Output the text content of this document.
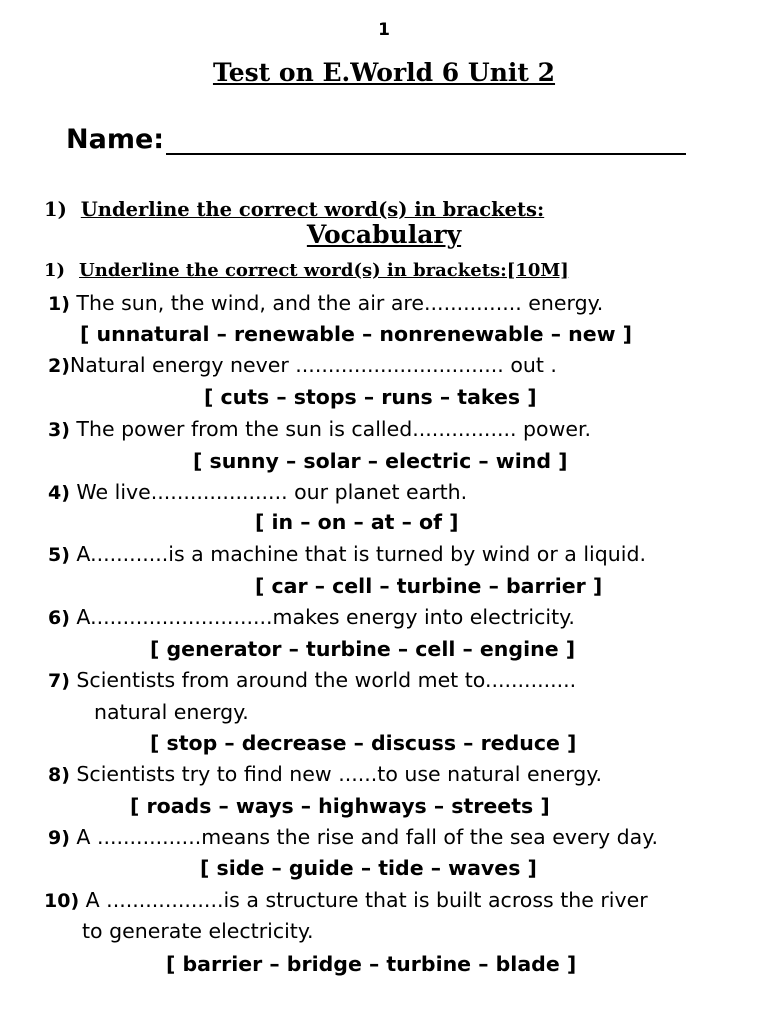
1
Test on E.World 6 Unit 2
Name:
1) Underline the correct word(s) in brackets:
Vocabulary
1) Underline the correct word(s) in brackets:[10M]
1) The sun, the wind, and the air are............... energy.
[ unnatural – renewable – nonrenewable – new ]
2)Natural energy never ................................ out .
[ cuts – stops – runs – takes ]
3) The power from the sun is called................ power.
[ sunny – solar – electric – wind ]
4) We live..................... our planet earth.
[ in – on – at – of ]
5) A............is a machine that is turned by wind or a liquid.
[ car – cell – turbine – barrier ]
6) A............................makes energy into electricity.
[ generator – turbine – cell – engine ]
7) Scientists from around the world met to..............
natural energy.
[ stop – decrease – discuss – reduce ]
8) Scientists try to find new ......to use natural energy.
[ roads – ways – highways – streets ]
9) A ................means the rise and fall of the sea every day.
[ side – guide – tide – waves ]
10) A ..................is a structure that is built across the river
to generate electricity.
[ barrier – bridge – turbine – blade ]
